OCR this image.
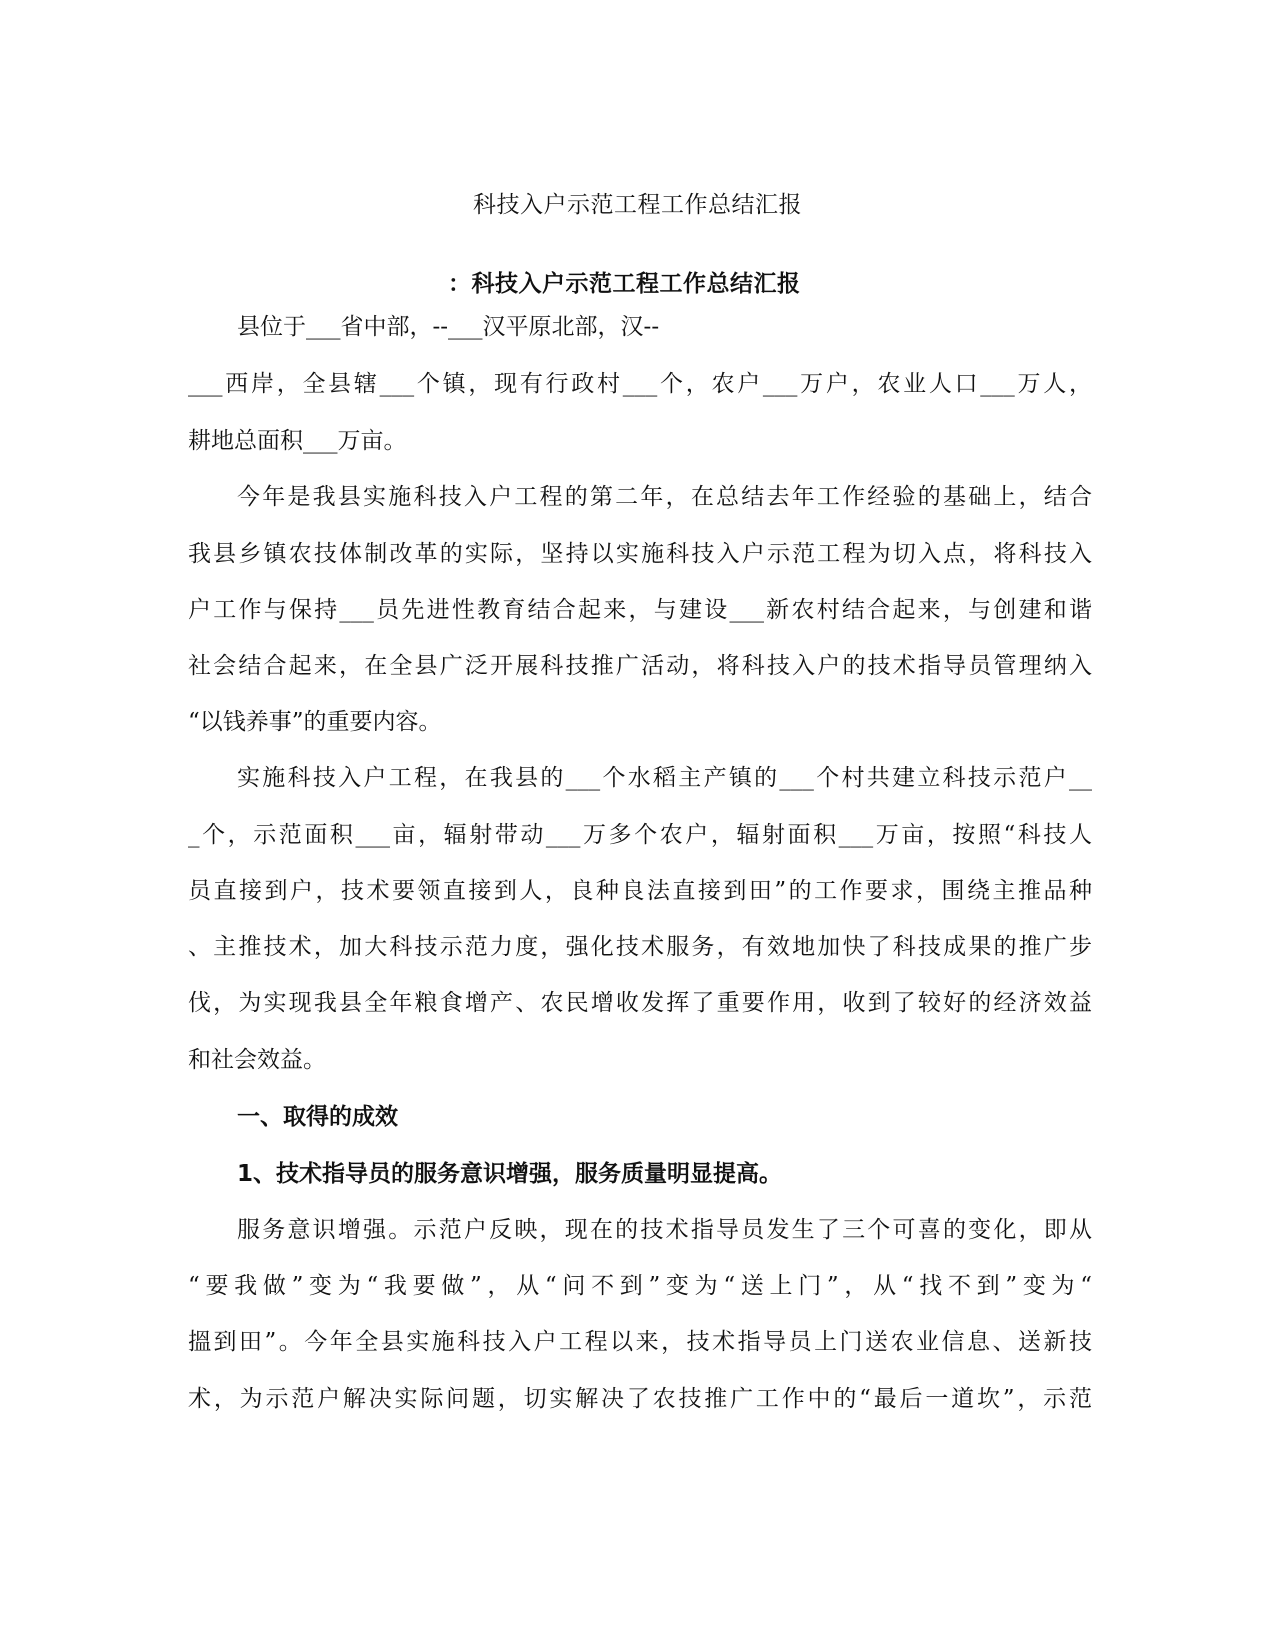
科技入户示范工程工作总结汇报
：科技入户示范工程工作总结汇报
县位于___省中部，--___汉平原北部，汉--
___西岸，全县辖___个镇，现有行政村___个，农户___万户，农业人口___万人，
耕地总面积___万亩。
今年是我县实施科技入户工程的第二年，在总结去年工作经验的基础上，结合
我县乡镇农技体制改革的实际，坚持以实施科技入户示范工程为切入点，将科技入
户工作与保持___员先进性教育结合起来，与建设___新农村结合起来，与创建和谐
社会结合起来，在全县广泛开展科技推广活动，将科技入户的技术指导员管理纳入
“以钱养事”的重要内容。
实施科技入户工程，在我县的___个水稻主产镇的___个村共建立科技示范户__
_个，示范面积___亩，辐射带动___万多个农户，辐射面积___万亩，按照“科技人
员直接到户，技术要领直接到人，良种良法直接到田”的工作要求，围绕主推品种
、主推技术，加大科技示范力度，强化技术服务，有效地加快了科技成果的推广步
伐，为实现我县全年粮食增产、农民增收发挥了重要作用，收到了较好的经济效益
和社会效益。
一、取得的成效
1、技术指导员的服务意识增强，服务质量明显提高。
服务意识增强。示范户反映，现在的技术指导员发生了三个可喜的变化，即从
“要我做”变为“我要做”，从“问不到”变为“送上门”，从“找不到”变为“
搵到田”。今年全县实施科技入户工程以来，技术指导员上门送农业信息、送新技
术，为示范户解决实际问题，切实解决了农技推广工作中的“最后一道坎”，示范
